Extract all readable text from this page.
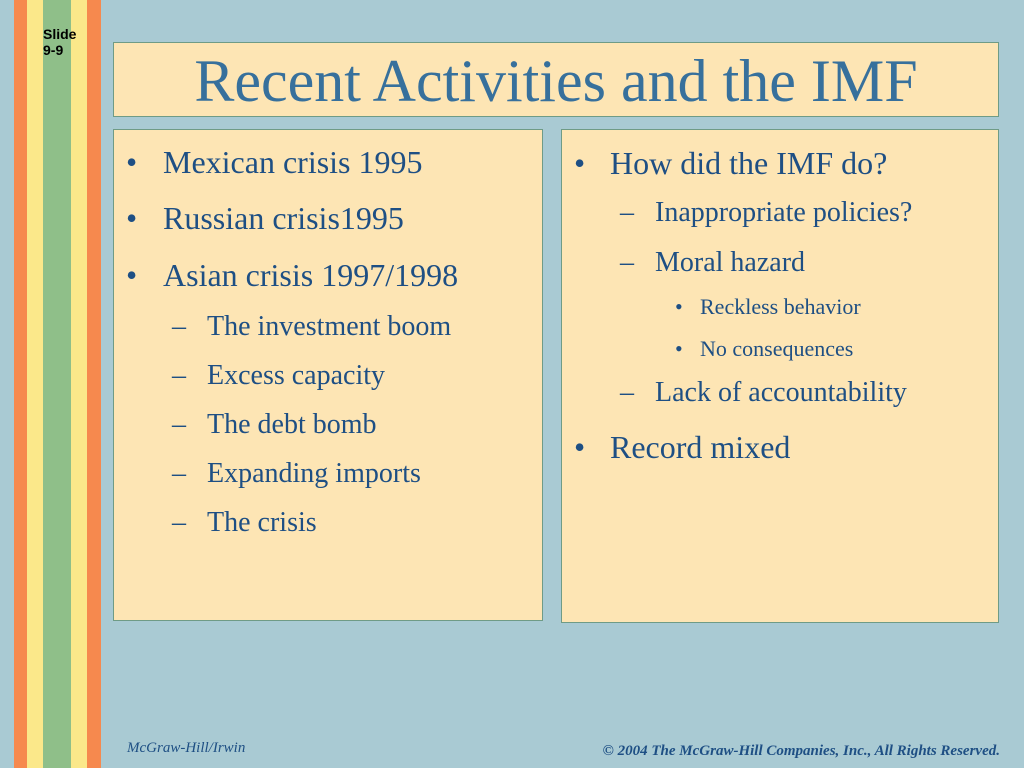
Slide
9-9	Recent Activities and the IMF
• Mexican crisis 1995
• Russian crisis1995
• Asian crisis 1997/1998
– The investment boom
– Excess capacity
– The debt bomb
– Expanding imports
– The crisis
• How did the IMF do?
– Inappropriate policies?
– Moral hazard
• Reckless behavior
• No consequences
– Lack of accountability
• Record mixed
McGraw-Hill/Irwin	© 2004 The McGraw-Hill Companies, Inc., All Rights Reserved.
